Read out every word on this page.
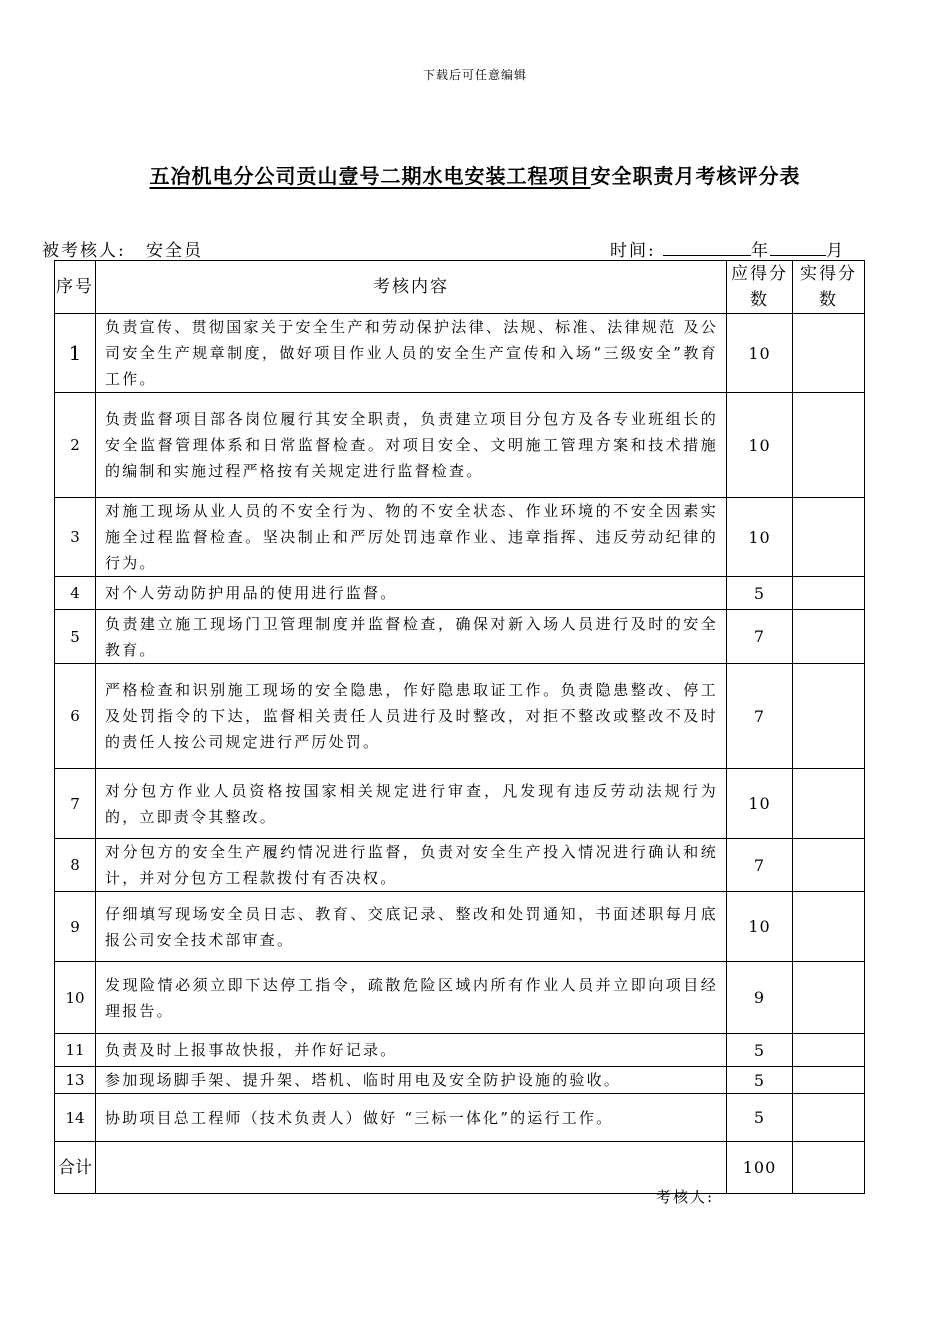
下载后可任意编辑
五冶机电分公司贡山壹号二期水电安装工程项目安全职责月考核评分表
被考核人: 安全员	时间:	年	月
序号	考核内容	应得分数	实得分数
1	负责宣传、贯彻国家关于安全生产和劳动保护法律、法规、标准、法律规范 及公司安全生产规章制度，做好项目作业人员的安全生产宣传和入场“三级安全”教育工作。	10	
2	负责监督项目部各岗位履行其安全职责，负责建立项目分包方及各专业班组长的安全监督管理体系和日常监督检查。对项目安全、文明施工管理方案和技术措施的编制和实施过程严格按有关规定进行监督检查。	10	
3	对施工现场从业人员的不安全行为、物的不安全状态、作业环境的不安全因素实施全过程监督检查。坚决制止和严厉处罚违章作业、违章指挥、违反劳动纪律的行为。	10	
4	对个人劳动防护用品的使用进行监督。	5	
5	负责建立施工现场门卫管理制度并监督检查，确保对新入场人员进行及时的安全教育。	7	
6	严格检查和识别施工现场的安全隐患，作好隐患取证工作。负责隐患整改、停工及处罚指令的下达，监督相关责任人员进行及时整改，对拒不整改或整改不及时的责任人按公司规定进行严厉处罚。	7	
7	对分包方作业人员资格按国家相关规定进行审查，凡发现有违反劳动法规行为的，立即责令其整改。	10	
8	对分包方的安全生产履约情况进行监督，负责对安全生产投入情况进行确认和统计，并对分包方工程款拨付有否决权。	7	
9	仔细填写现场安全员日志、教育、交底记录、整改和处罚通知，书面述职每月底报公司安全技术部审查。	10	
10	发现险情必须立即下达停工指令，疏散危险区域内所有作业人员并立即向项目经理报告。	9	
11	负责及时上报事故快报，并作好记录。	5	
13	参加现场脚手架、提升架、塔机、临时用电及安全防护设施的验收。	5	
14	协助项目总工程师（技术负责人）做好 “三标一体化”的运行工作。	5	
合计		100	
考核人:
